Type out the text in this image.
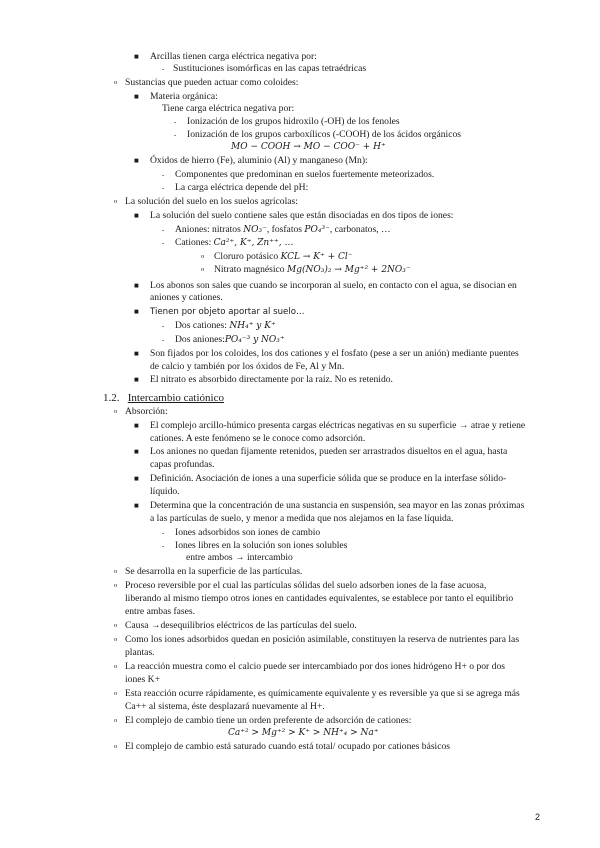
■ Arcillas tienen carga eléctrica negativa por:
- Sustituciones isomórficas en las capas tetraédricas
o Sustancias que pueden actuar como coloides:
■ Materia orgánica:
Tiene carga eléctrica negativa por:
- Ionización de los grupos hidroxilo (-OH) de los fenoles
- Ionización de los grupos carboxílicos (-COOH) de los ácidos orgánicos
MO − COOH → MO − COO⁻ + H⁺
■ Óxidos de hierro (Fe), aluminio (Al) y manganeso (Mn):
- Componentes que predominan en suelos fuertemente meteorizados.
- La carga eléctrica depende del pH:
o La solución del suelo en los suelos agrícolas:
■ La solución del suelo contiene sales que están disociadas en dos tipos de iones:
- Aniones: nitratos NO₃⁻, fosfatos PO₄³⁻, carbonatos, …
- Cationes: Ca²⁺, K⁺, Zn⁺⁺, …
o Cloruro potásico KCL → K⁺ + Cl⁻
o Nitrato magnésico Mg(NO₃)₂ → Mg⁺² + 2NO₃⁻
■ Los abonos son sales que cuando se incorporan al suelo, en contacto con el agua, se disocian en
aniones y cationes.
■ Tienen por objeto aportar al suelo…
- Dos cationes: NH₄⁺ y K⁺
- Dos aniones:PO₄⁻³ y NO₃⁺
■ Son fijados por los coloides, los dos cationes y el fosfato (pese a ser un anión) mediante puentes
de calcio y también por los óxidos de Fe, Al y Mn.
■ El nitrato es absorbido directamente por la raíz. No es retenido.
1.2. Intercambio catiónico
o Absorción:
■ El complejo arcillo-húmico presenta cargas eléctricas negativas en su superficie → atrae y retiene
cationes. A este fenómeno se le conoce como adsorción.
■ Los aniones no quedan fijamente retenidos, pueden ser arrastrados disueltos en el agua, hasta
capas profundas.
■ Definición. Asociación de iones a una superficie sólida que se produce en la interfase sólido-
líquido.
■ Determina que la concentración de una sustancia en suspensión, sea mayor en las zonas próximas
a las partículas de suelo, y menor a medida que nos alejamos en la fase líquida.
- Iones adsorbidos son iones de cambio
- Iones libres en la solución son iones solubles
entre ambos → intercambio
o Se desarrolla en la superficie de las partículas.
o Proceso reversible por el cual las partículas sólidas del suelo adsorben iones de la fase acuosa,
liberando al mismo tiempo otros iones en cantidades equivalentes, se establece por tanto el equilibrio
entre ambas fases.
o Causa →desequilibrios eléctricos de las partículas del suelo.
o Como los iones adsorbidos quedan en posición asimilable, constituyen la reserva de nutrientes para las
plantas.
o La reacción muestra como el calcio puede ser intercambiado por dos iones hidrógeno H+ o por dos
iones K+
o Esta reacción ocurre rápidamente, es químicamente equivalente y es reversible ya que si se agrega más
Ca++ al sistema, éste desplazará nuevamente al H+.
o El complejo de cambio tiene un orden preferente de adsorción de cationes:
Ca⁺² > Mg⁺² > K⁺ > NH⁺₄ > Na⁺
o El complejo de cambio está saturado cuando está total/ ocupado por cationes básicos
2
